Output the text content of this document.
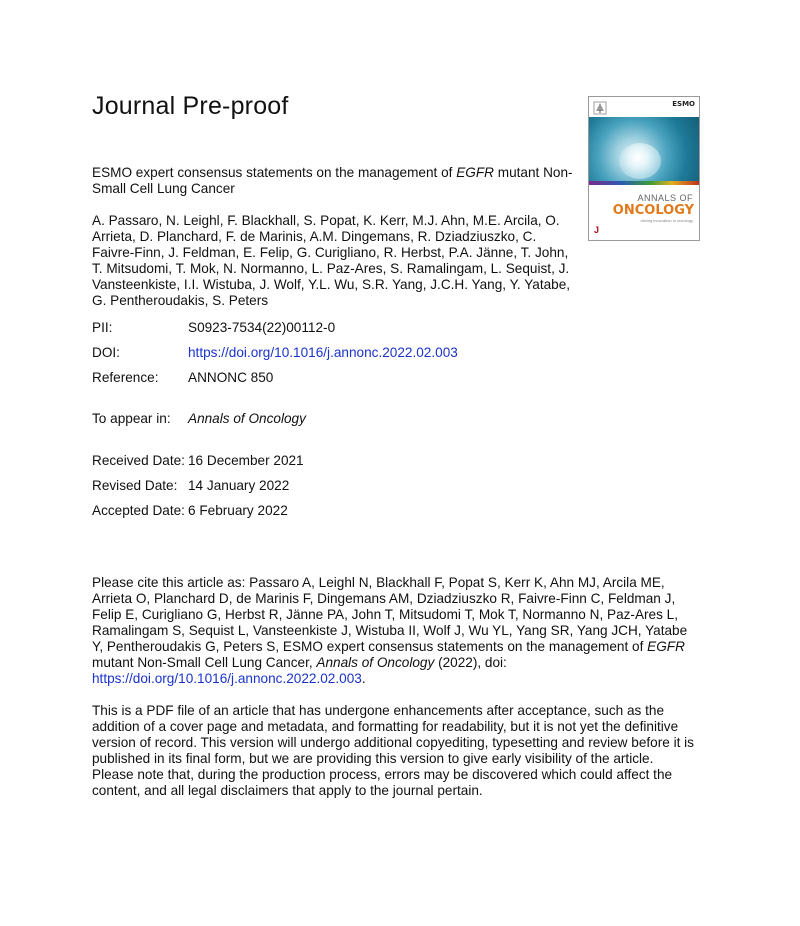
Journal Pre-proof	ESMO
ANNALS OF
ONCOLOGY
driving innovation in oncology
J
ESMO expert consensus statements on the management of EGFR mutant Non-Small Cell Lung Cancer
A. Passaro, N. Leighl, F. Blackhall, S. Popat, K. Kerr, M.J. Ahn, M.E. Arcila, O. Arrieta, D. Planchard, F. de Marinis, A.M. Dingemans, R. Dziadziuszko, C. Faivre-Finn, J. Feldman, E. Felip, G. Curigliano, R. Herbst, P.A. Jänne, T. John, T. Mitsudomi, T. Mok, N. Normanno, L. Paz-Ares, S. Ramalingam, L. Sequist, J. Vansteenkiste, I.I. Wistuba, J. Wolf, Y.L. Wu, S.R. Yang, J.C.H. Yang, Y. Yatabe, G. Pentheroudakis, S. Peters
PII:	S0923-7534(22)00112-0
DOI:	https://doi.org/10.1016/j.annonc.2022.02.003
Reference: ANNONC 850
To appear in: Annals of Oncology
Received Date: 16 December 2021
Revised Date: 14 January 2022
Accepted Date: 6 February 2022
Please cite this article as: Passaro A, Leighl N, Blackhall F, Popat S, Kerr K, Ahn MJ, Arcila ME, Arrieta O, Planchard D, de Marinis F, Dingemans AM, Dziadziuszko R, Faivre-Finn C, Feldman J, Felip E, Curigliano G, Herbst R, Jänne PA, John T, Mitsudomi T, Mok T, Normanno N, Paz-Ares L, Ramalingam S, Sequist L, Vansteenkiste J, Wistuba II, Wolf J, Wu YL, Yang SR, Yang JCH, Yatabe Y, Pentheroudakis G, Peters S, ESMO expert consensus statements on the management of EGFR mutant Non-Small Cell Lung Cancer, Annals of Oncology (2022), doi: https://doi.org/10.1016/j.annonc.2022.02.003.
This is a PDF file of an article that has undergone enhancements after acceptance, such as the addition of a cover page and metadata, and formatting for readability, but it is not yet the definitive version of record. This version will undergo additional copyediting, typesetting and review before it is published in its final form, but we are providing this version to give early visibility of the article. Please note that, during the production process, errors may be discovered which could affect the content, and all legal disclaimers that apply to the journal pertain.
